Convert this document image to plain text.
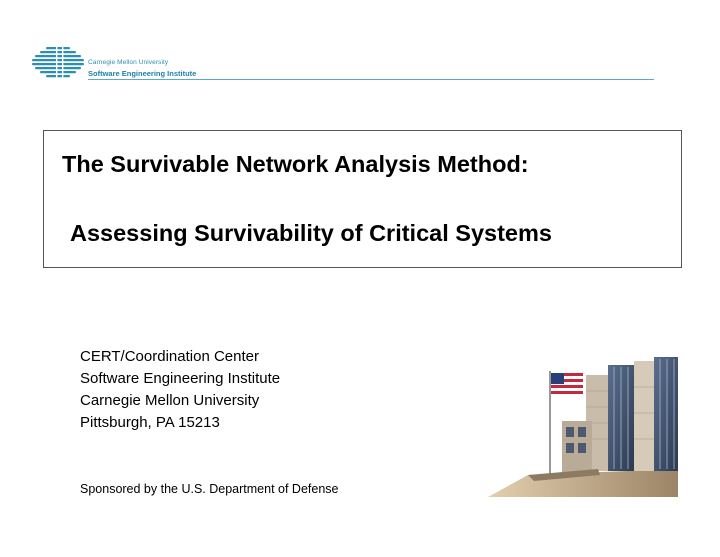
Carnegie Mellon University
Software Engineering Institute
The Survivable Network Analysis Method:
Assessing Survivability of Critical Systems
CERT/Coordination Center
Software Engineering Institute
Carnegie Mellon University
Pittsburgh, PA 15213
Sponsored by the U.S. Department of Defense
